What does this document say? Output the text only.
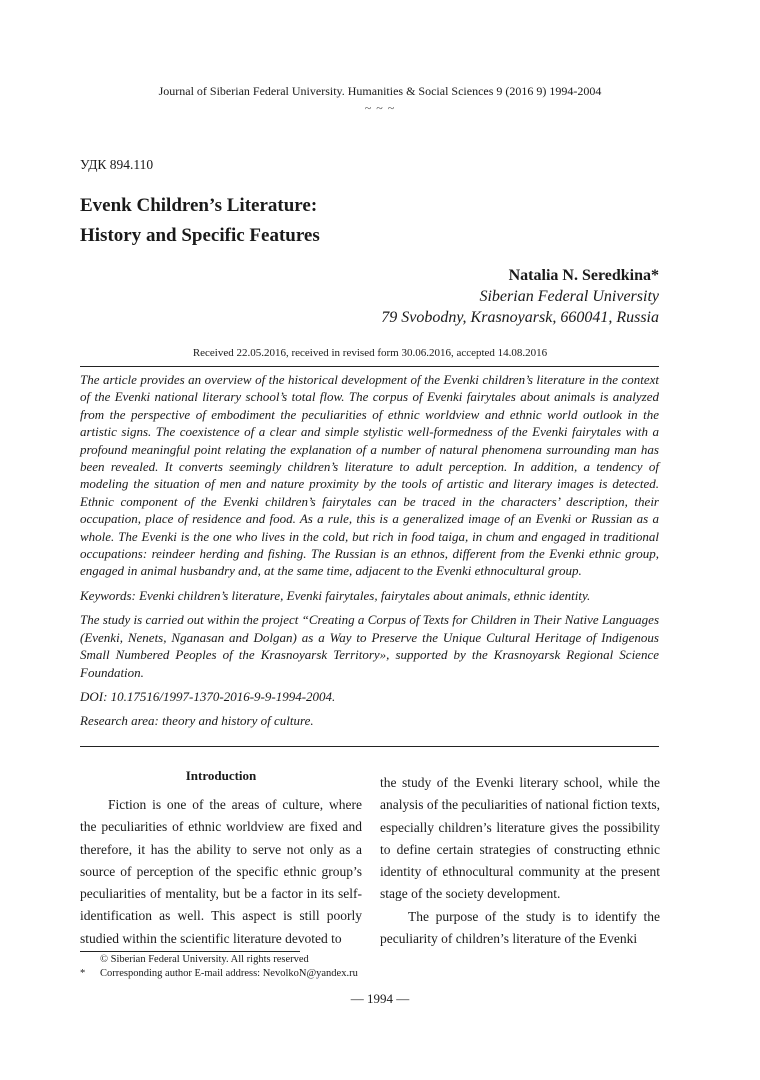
Journal of Siberian Federal University. Humanities & Social Sciences 9 (2016 9) 1994-2004
~ ~ ~
УДК 894.110
Evenk Children’s Literature:
History and Specific Features
Natalia N. Seredkina*
Siberian Federal University
79 Svobodny, Krasnoyarsk, 660041, Russia
Received 22.05.2016, received in revised form 30.06.2016, accepted 14.08.2016

The article provides an overview of the historical development of the Evenki children’s literature in the context of the Evenki national literary school’s total flow. The corpus of Evenki fairytales about animals is analyzed from the perspective of embodiment the peculiarities of ethnic worldview and ethnic world outlook in the artistic signs. The coexistence of a clear and simple stylistic well-formedness of the Evenki fairytales with a profound meaningful point relating the explanation of a number of natural phenomena surrounding man has been revealed. It converts seemingly children’s literature to adult perception. In addition, a tendency of modeling the situation of men and nature proximity by the tools of artistic and literary images is detected. Ethnic component of the Evenki children’s fairytales can be traced in the characters’ description, their occupation, place of residence and food. As a rule, this is a generalized image of an Evenki or Russian as a whole. The Evenki is the one who lives in the cold, but rich in food taiga, in chum and engaged in traditional occupations: reindeer herding and fishing. The Russian is an ethnos, different from the Evenki ethnic group, engaged in animal husbandry and, at the same time, adjacent to the Evenki ethnocultural group.

Keywords: Evenki children’s literature, Evenki fairytales, fairytales about animals, ethnic identity.

The study is carried out within the project “Creating a Corpus of Texts for Children in Their Native Languages (Evenki, Nenets, Nganasan and Dolgan) as a Way to Preserve the Unique Cultural Heritage of Indigenous Small Numbered Peoples of the Krasnoyarsk Territory», supported by the Krasnoyarsk Regional Science Foundation.

DOI: 10.17516/1997-1370-2016-9-9-1994-2004.

Research area: theory and history of culture.

Introduction

Fiction is one of the areas of culture, where the peculiarities of ethnic worldview are fixed and therefore, it has the ability to serve not only as a source of perception of the specific ethnic group’s peculiarities of mentality, but be a factor in its self-identification as well. This aspect is still poorly studied within the scientific literature devoted to

the study of the Evenki literary school, while the analysis of the peculiarities of national fiction texts, especially children’s literature gives the possibility to define certain strategies of constructing ethnic identity of ethnocultural community at the present stage of the society development.

The purpose of the study is to identify the peculiarity of children’s literature of the Evenki

© Siberian Federal University. All rights reserved
* Corresponding author E-mail address: NevolkoN@yandex.ru
— 1994 —
